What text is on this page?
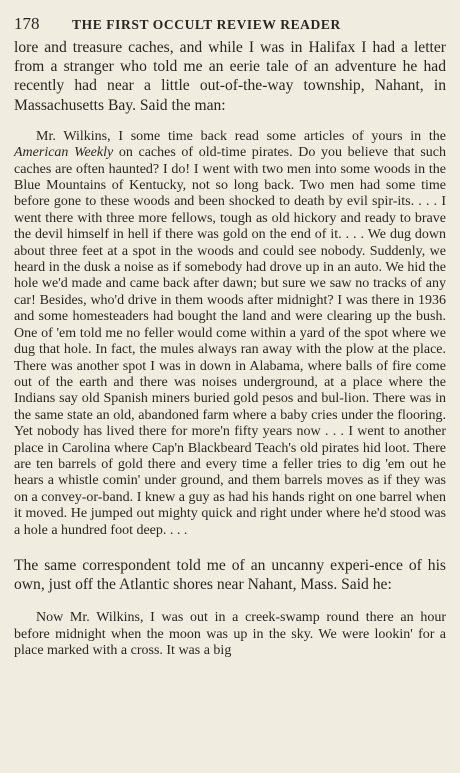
178	THE FIRST OCCULT REVIEW READER

lore and treasure caches, and while I was in Halifax I had a letter from a stranger who told me an eerie tale of an adventure he had recently had near a little out-of-the-way township, Nahant, in Massachusetts Bay. Said the man:

Mr. Wilkins, I some time back read some articles of yours in the American Weekly on caches of old-time pirates. Do you believe that such caches are often haunted? I do! I went with two men into some woods in the Blue Mountains of Kentucky, not so long back. Two men had some time before gone to these woods and been shocked to death by evil spir-its. . . . I went there with three more fellows, tough as old hickory and ready to brave the devil himself in hell if there was gold on the end of it. . . . We dug down about three feet at a spot in the woods and could see nobody. Suddenly, we heard in the dusk a noise as if somebody had drove up in an auto. We hid the hole we'd made and came back after dawn; but sure we saw no tracks of any car! Besides, who'd drive in them woods after midnight? I was there in 1936 and some homesteaders had bought the land and were clearing up the bush. One of 'em told me no feller would come within a yard of the spot where we dug that hole. In fact, the mules always ran away with the plow at the place. There was another spot I was in down in Alabama, where balls of fire come out of the earth and there was noises underground, at a place where the Indians say old Spanish miners buried gold pesos and bul-lion. There was in the same state an old, abandoned farm where a baby cries under the flooring. Yet nobody has lived there for more'n fifty years now . . . I went to another place in Carolina where Cap'n Blackbeard Teach's old pirates hid loot. There are ten barrels of gold there and every time a feller tries to dig 'em out he hears a whistle comin' under ground, and them barrels moves as if they was on a convey-or-band. I knew a guy as had his hands right on one barrel when it moved. He jumped out mighty quick and right under where he'd stood was a hole a hundred foot deep. . . .

The same correspondent told me of an uncanny experi-ence of his own, just off the Atlantic shores near Nahant, Mass. Said he:

Now Mr. Wilkins, I was out in a creek-swamp round there an hour before midnight when the moon was up in the sky. We were lookin' for a place marked with a cross. It was a big
